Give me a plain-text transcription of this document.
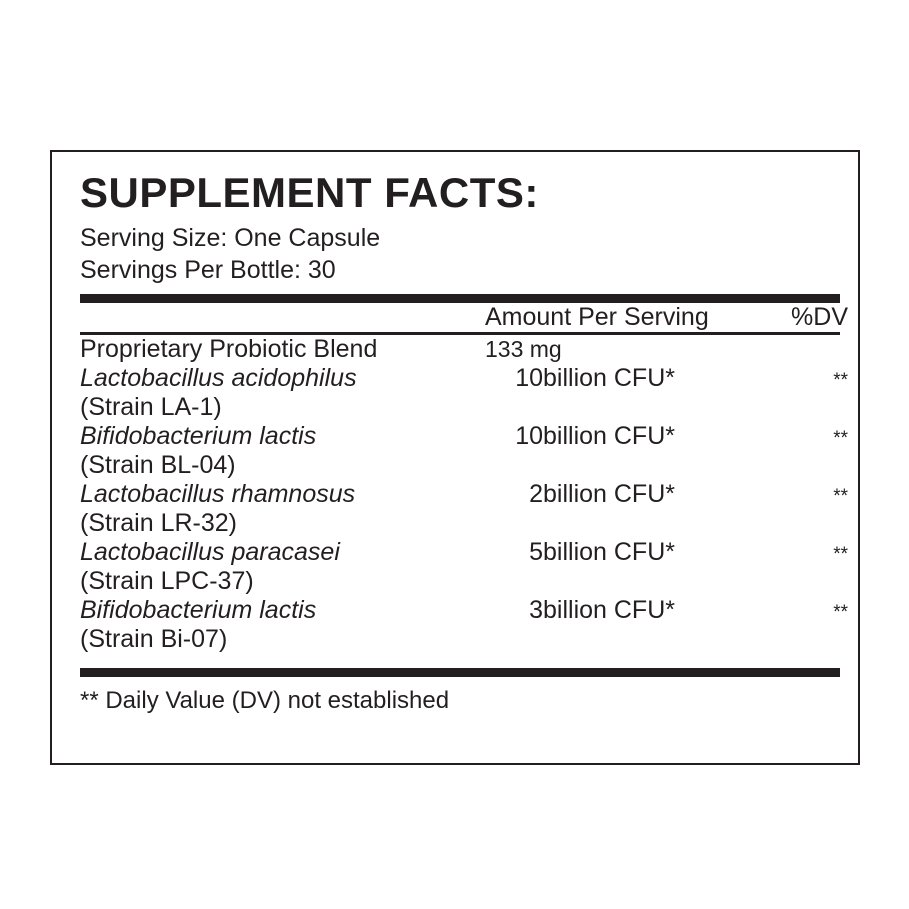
SUPPLEMENT FACTS:
Serving Size: One Capsule
Servings Per Bottle: 30
	Amount Per Serving	%DV
Proprietary Probiotic Blend	133 mg		
Lactobacillus acidophilus	10	billion CFU*	**
(Strain LA-1)			
Bifidobacterium lactis	10	billion CFU*	**
(Strain BL-04)			
Lactobacillus rhamnosus	2	billion CFU*	**
(Strain LR-32)			
Lactobacillus paracasei	5	billion CFU*	**
(Strain LPC-37)			
Bifidobacterium lactis	3	billion CFU*	**
(Strain Bi-07)			

** Daily Value (DV) not established
